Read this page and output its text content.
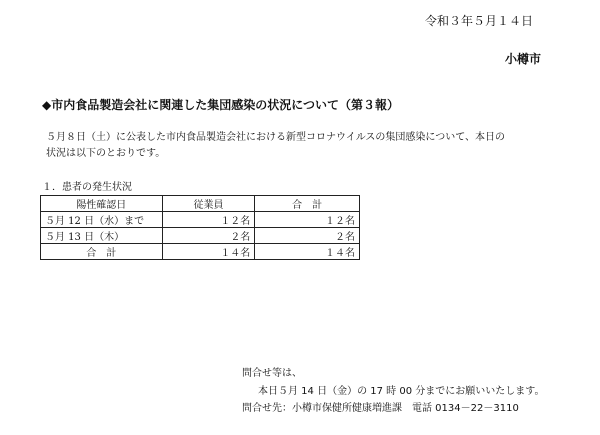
令和３年５月１４日
小樽市
◆市内食品製造会社に関連した集団感染の状況について（第３報）
５月８日（土）に公表した市内食品製造会社における新型コロナウイルスの集団感染について、本日の
状況は以下のとおりです。
１．患者の発生状況
陽性確認日	従業員	合　計
５月 12 日（水）まで	１２名	１２名
５月 13 日（木）	２名	２名
合　計	１４名	１４名
問合せ等は、
本日５月 14 日（金）の 17 時 00 分までにお願いいたします。
問合せ先：小樽市保健所健康増進課　電話 0134－22－3110
